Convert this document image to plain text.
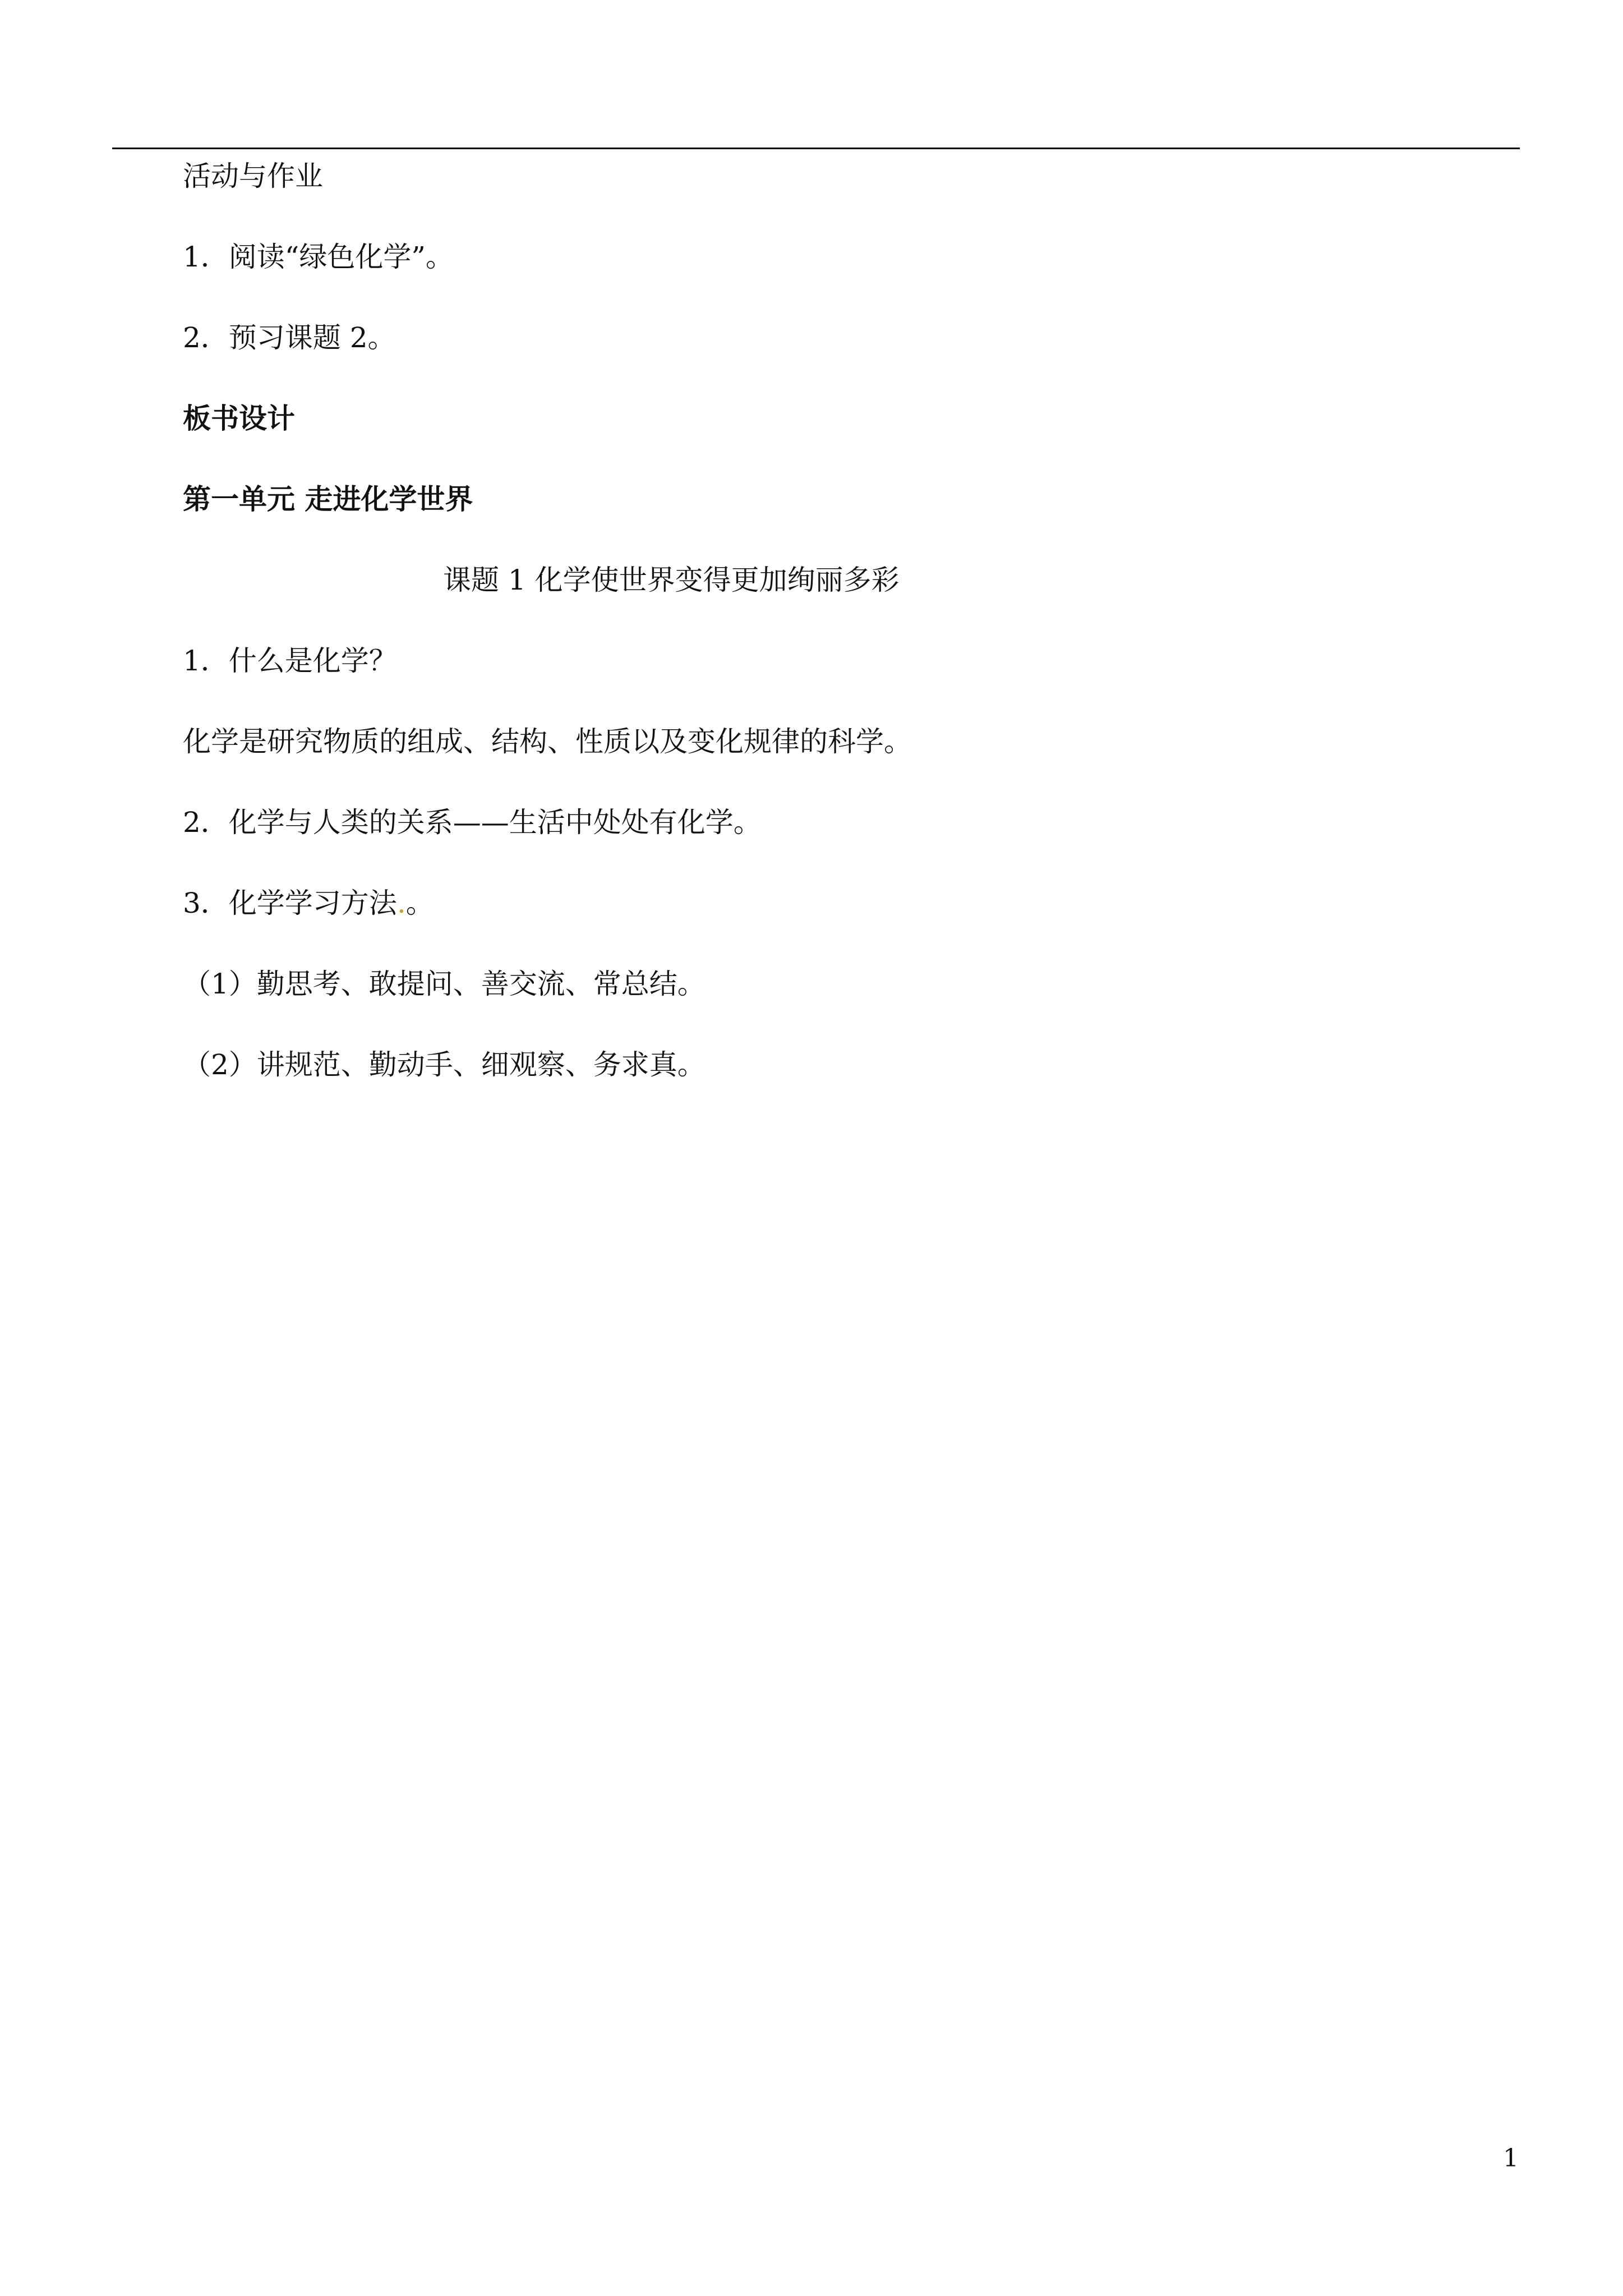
活动与作业

1．阅读“绿色化学”。

2．预习课题 2。

板书设计

第一单元 走进化学世界

课题 1 化学使世界变得更加绚丽多彩

1．什么是化学？

化学是研究物质的组成、结构、性质以及变化规律的科学。

2．化学与人类的关系——生活中处处有化学。

3．化学学习方法.。

（1）勤思考、敢提问、善交流、常总结。

（2）讲规范、勤动手、细观察、务求真。

1
